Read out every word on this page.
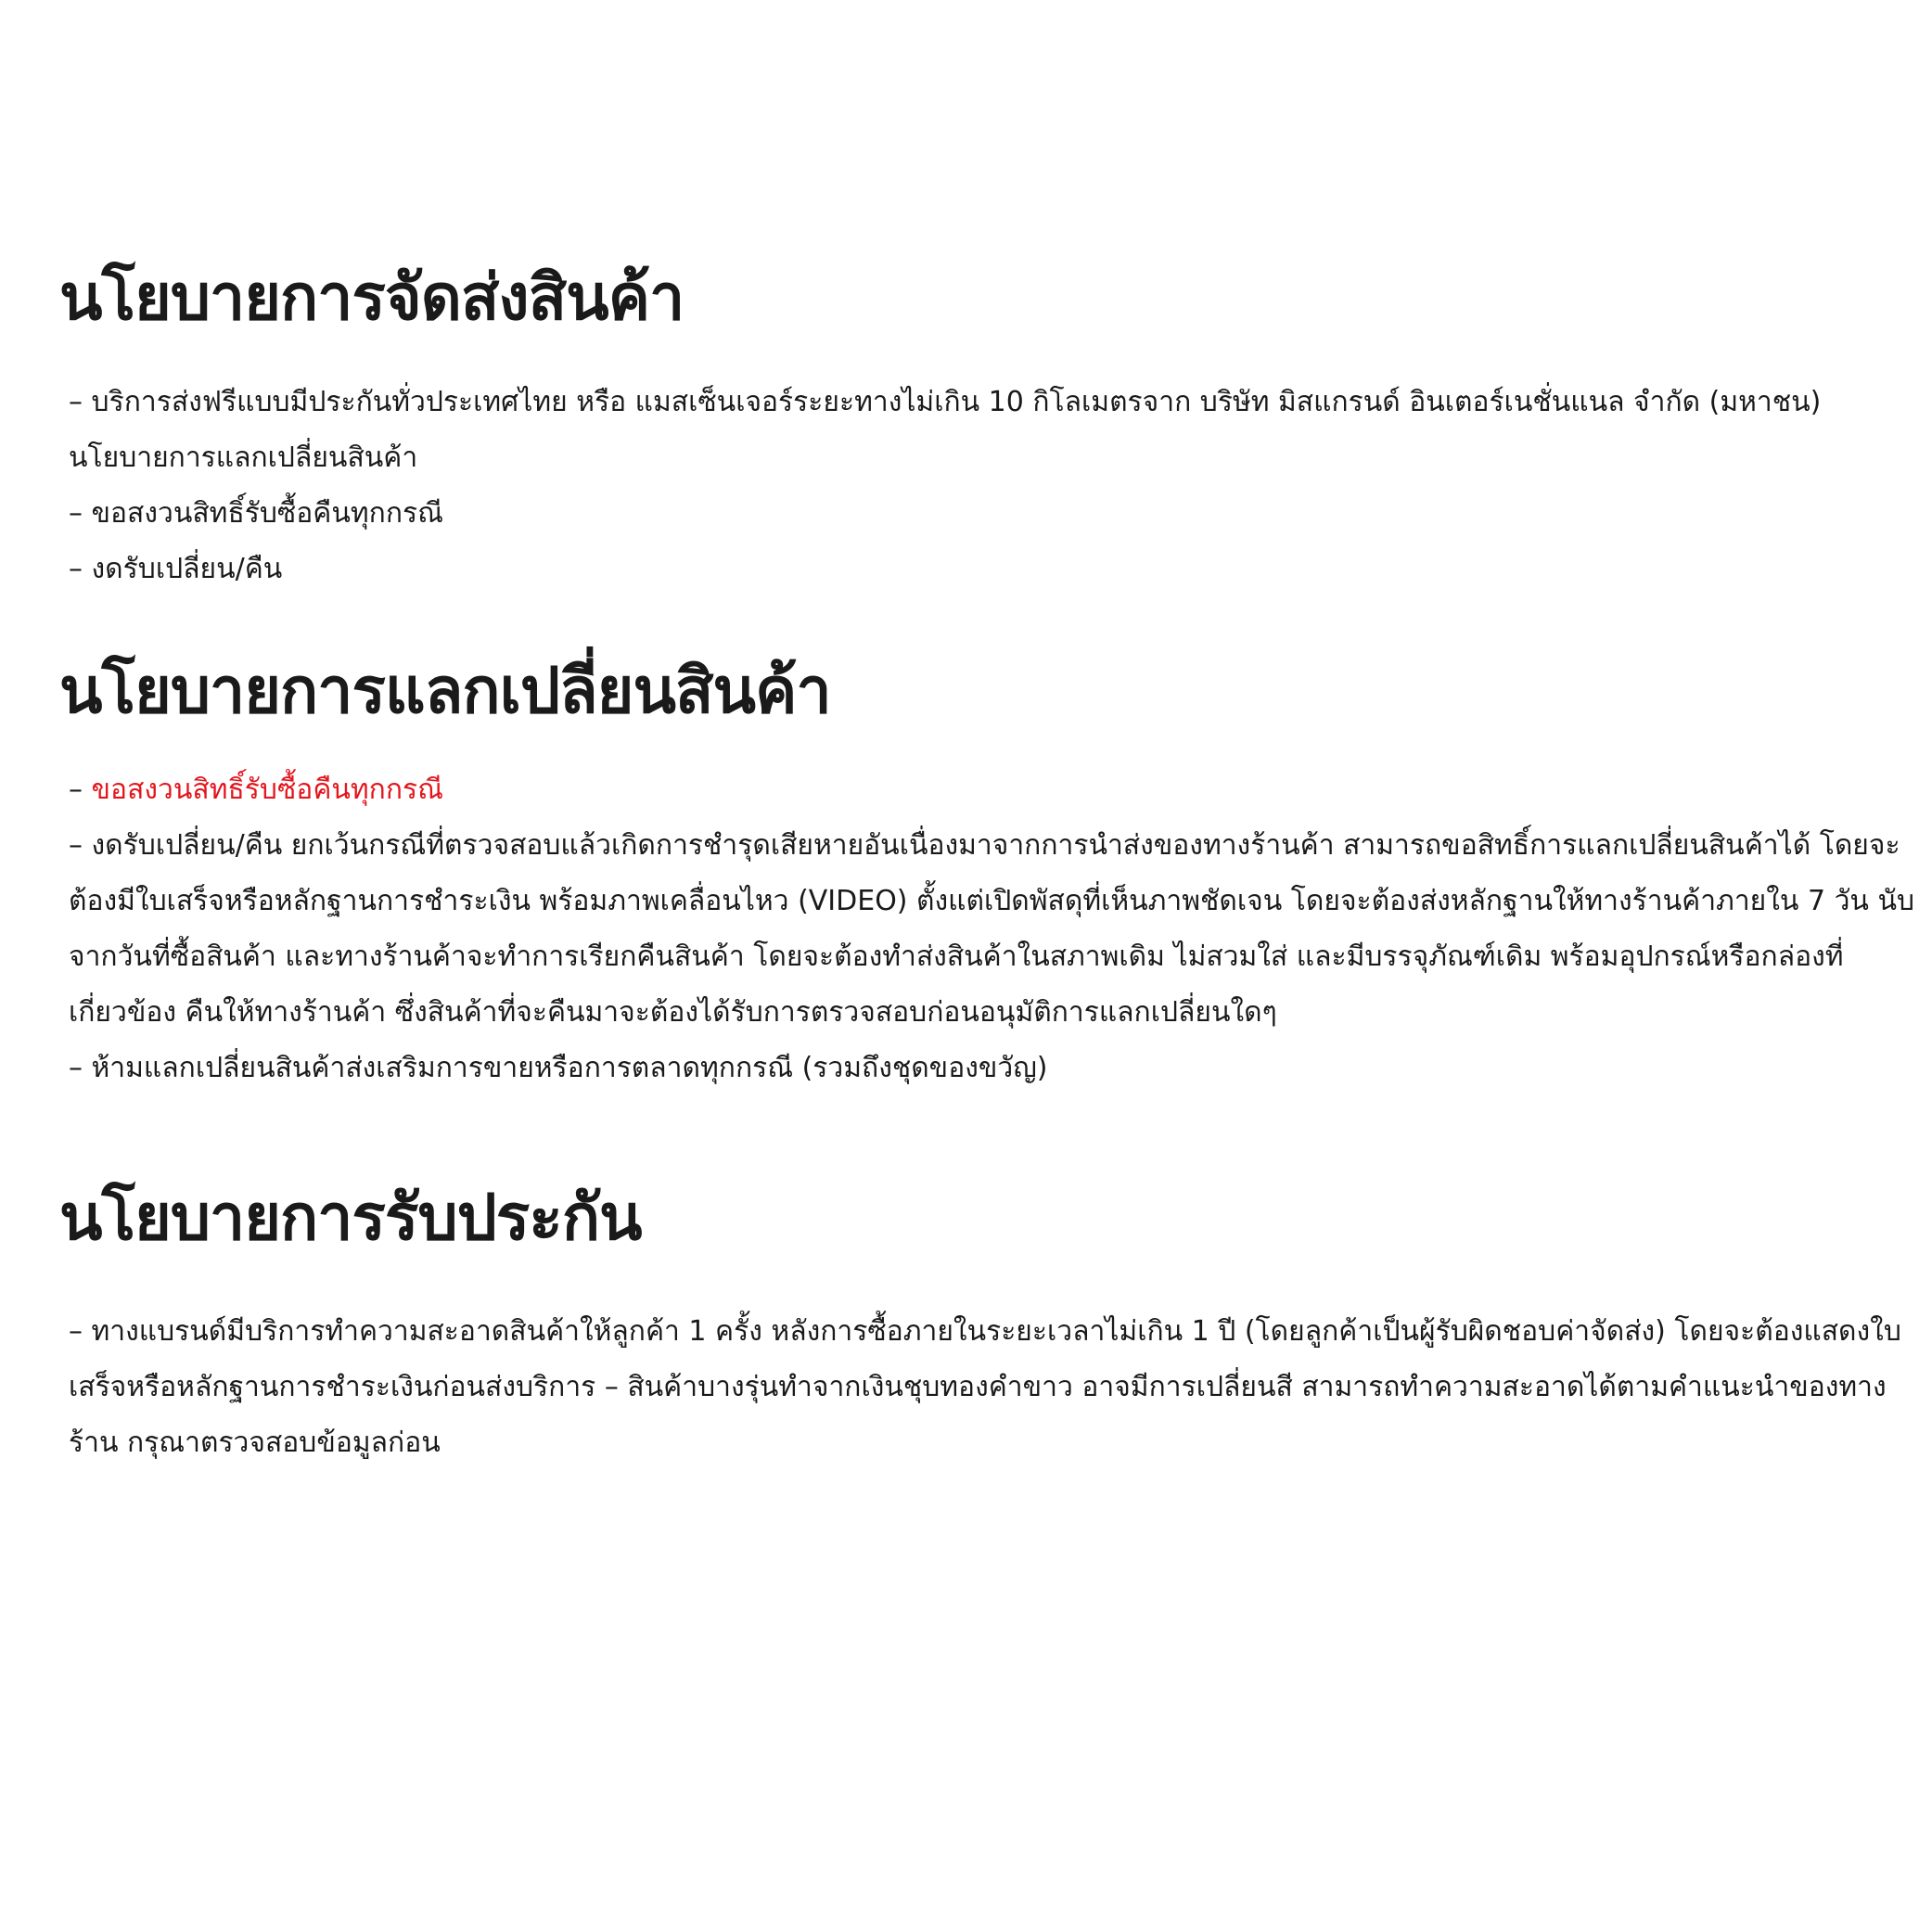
นโยบายการจัดส่งสินค้า
– บริการส่งฟรีแบบมีประกันทั่วประเทศไทย หรือ แมสเซ็นเจอร์ระยะทางไม่เกิน 10 กิโลเมตรจาก บริษัท มิสแกรนด์ อินเตอร์เนชั่นแนล จำกัด (มหาชน)
นโยบายการแลกเปลี่ยนสินค้า
– ขอสงวนสิทธิ์รับซื้อคืนทุกกรณี
– งดรับเปลี่ยน/คืน
นโยบายการแลกเปลี่ยนสินค้า
– ขอสงวนสิทธิ์รับซื้อคืนทุกกรณี
– งดรับเปลี่ยน/คืน ยกเว้นกรณีที่ตรวจสอบแล้วเกิดการชำรุดเสียหายอันเนื่องมาจากการนำส่งของทางร้านค้า สามารถขอสิทธิ์การแลกเปลี่ยนสินค้าได้ โดยจะต้องมีใบเสร็จหรือหลักฐานการชำระเงิน พร้อมภาพเคลื่อนไหว (VIDEO) ตั้งแต่เปิดพัสดุที่เห็นภาพชัดเจน โดยจะต้องส่งหลักฐานให้ทางร้านค้าภายใน 7 วัน นับจากวันที่ซื้อสินค้า และทางร้านค้าจะทำการเรียกคืนสินค้า โดยจะต้องทำส่งสินค้าในสภาพเดิม ไม่สวมใส่ และมีบรรจุภัณฑ์เดิม พร้อมอุปกรณ์หรือกล่องที่เกี่ยวข้อง คืนให้ทางร้านค้า ซึ่งสินค้าที่จะคืนมาจะต้องได้รับการตรวจสอบก่อนอนุมัติการแลกเปลี่ยนใดๆ
– ห้ามแลกเปลี่ยนสินค้าส่งเสริมการขายหรือการตลาดทุกกรณี (รวมถึงชุดของขวัญ)
นโยบายการรับประกัน
– ทางแบรนด์มีบริการทำความสะอาดสินค้าให้ลูกค้า 1 ครั้ง หลังการซื้อภายในระยะเวลาไม่เกิน 1 ปี (โดยลูกค้าเป็นผู้รับผิดชอบค่าจัดส่ง) โดยจะต้องแสดงใบเสร็จหรือหลักฐานการชำระเงินก่อนส่งบริการ – สินค้าบางรุ่นทำจากเงินชุบทองคำขาว อาจมีการเปลี่ยนสี สามารถทำความสะอาดได้ตามคำแนะนำของทางร้าน กรุณาตรวจสอบข้อมูลก่อน
